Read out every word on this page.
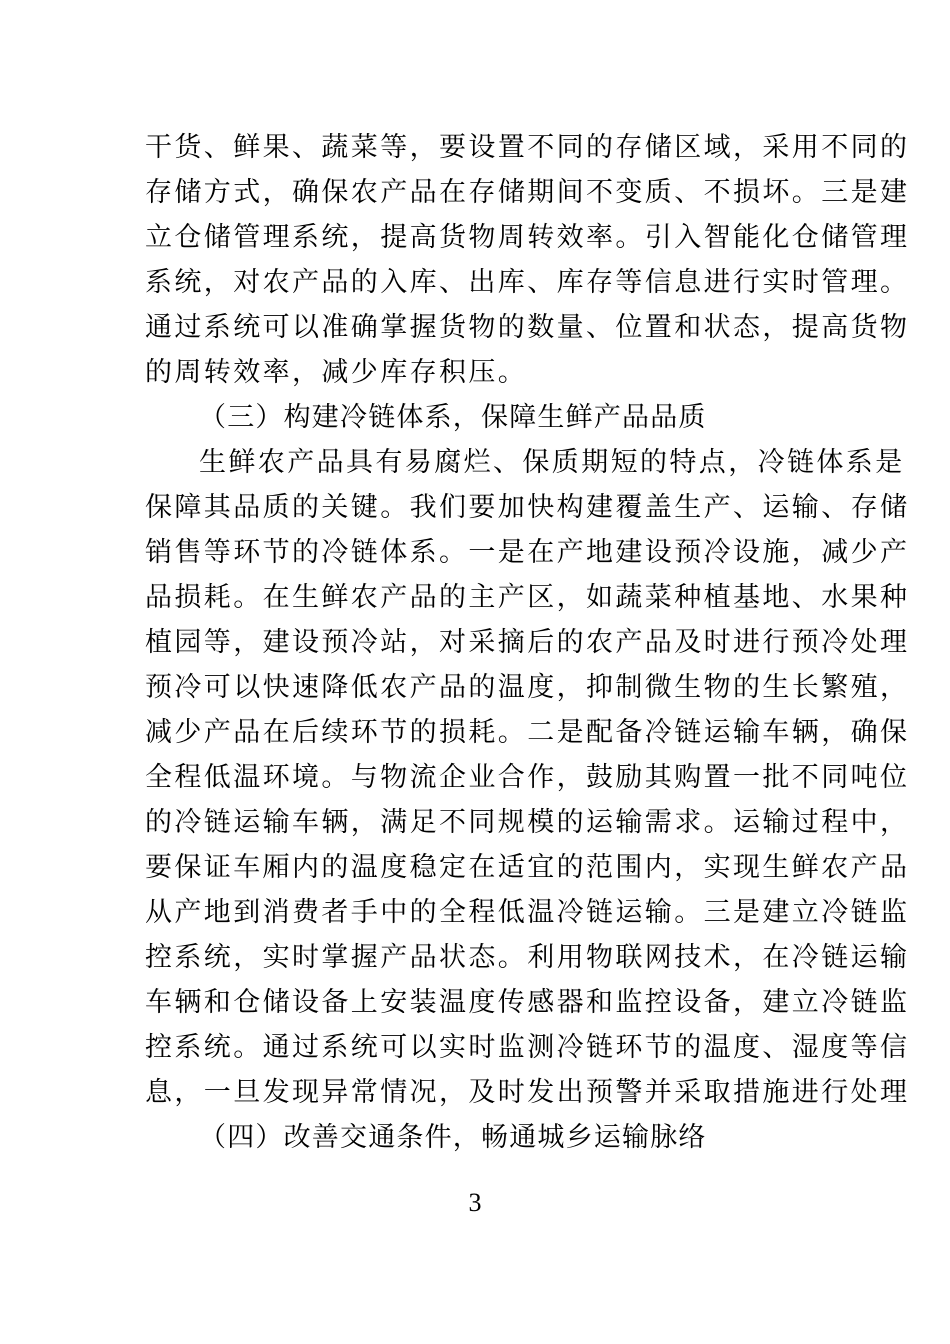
干货、鲜果、蔬菜等，要设置不同的存储区域，采用不同的
存储方式，确保农产品在存储期间不变质、不损坏。三是建
立仓储管理系统，提高货物周转效率。引入智能化仓储管理
系统，对农产品的入库、出库、库存等信息进行实时管理。
通过系统可以准确掌握货物的数量、位置和状态，提高货物
的周转效率，减少库存积压。
（三）构建冷链体系，保障生鲜产品品质
生鲜农产品具有易腐烂、保质期短的特点，冷链体系是
保障其品质的关键。我们要加快构建覆盖生产、运输、存储
销售等环节的冷链体系。一是在产地建设预冷设施，减少产
品损耗。在生鲜农产品的主产区，如蔬菜种植基地、水果种
植园等，建设预冷站，对采摘后的农产品及时进行预冷处理
预冷可以快速降低农产品的温度，抑制微生物的生长繁殖，
减少产品在后续环节的损耗。二是配备冷链运输车辆，确保
全程低温环境。与物流企业合作，鼓励其购置一批不同吨位
的冷链运输车辆，满足不同规模的运输需求。运输过程中，
要保证车厢内的温度稳定在适宜的范围内，实现生鲜农产品
从产地到消费者手中的全程低温冷链运输。三是建立冷链监
控系统，实时掌握产品状态。利用物联网技术，在冷链运输
车辆和仓储设备上安装温度传感器和监控设备，建立冷链监
控系统。通过系统可以实时监测冷链环节的温度、湿度等信
息，一旦发现异常情况，及时发出预警并采取措施进行处理
（四）改善交通条件，畅通城乡运输脉络
3
